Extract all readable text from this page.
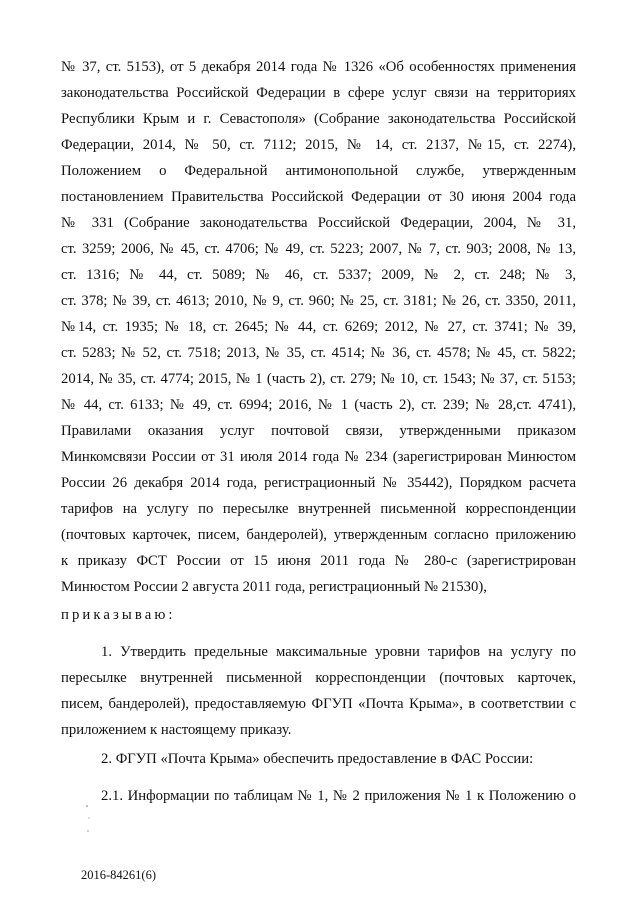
№ 37, ст. 5153), от 5 декабря 2014 года № 1326 «Об особенностях применения
законодательства Российской Федерации в сфере услуг связи на территориях
Республики Крым и г. Севастополя» (Собрание законодательства Российской
Федерации, 2014, № 50, ст. 7112; 2015, № 14, ст. 2137, №15, ст. 2274),
Положением о Федеральной антимонопольной службе, утвержденным
постановлением Правительства Российской Федерации от 30 июня 2004 года
№ 331 (Собрание законодательства Российской Федерации, 2004, № 31,
ст. 3259; 2006, № 45, ст. 4706; № 49, ст. 5223; 2007, № 7, ст. 903; 2008, № 13,
ст. 1316; № 44, ст. 5089; № 46, ст. 5337; 2009, № 2, ст. 248; № 3,
ст. 378; № 39, ст. 4613; 2010, № 9, ст. 960; № 25, ст. 3181; № 26, ст. 3350, 2011,
№14, ст. 1935; № 18, ст. 2645; № 44, ст. 6269; 2012, № 27, ст. 3741; № 39,
ст. 5283; № 52, ст. 7518; 2013, № 35, ст. 4514; № 36, ст. 4578; № 45, ст. 5822;
2014, № 35, ст. 4774; 2015, № 1 (часть 2), ст. 279; № 10, ст. 1543; № 37, ст. 5153;
№ 44, ст. 6133; № 49, ст. 6994; 2016, № 1 (часть 2), ст. 239; № 28,ст. 4741),
Правилами оказания услуг почтовой связи, утвержденными приказом
Минкомсвязи России от 31 июля 2014 года № 234 (зарегистрирован Минюстом
России 26 декабря 2014 года, регистрационный № 35442), Порядком расчета
тарифов на услугу по пересылке внутренней письменной корреспонденции
(почтовых карточек, писем, бандеролей), утвержденным согласно приложению
к приказу ФСТ России от 15 июня 2011 года № 280-с (зарегистрирован
Минюстом России 2 августа 2011 года, регистрационный № 21530),
приказываю:
1. Утвердить предельные максимальные уровни тарифов на услугу по
пересылке внутренней письменной корреспонденции (почтовых карточек,
писем, бандеролей), предоставляемую ФГУП «Почта Крыма», в соответствии с
приложением к настоящему приказу.
2. ФГУП «Почта Крыма» обеспечить предоставление в ФАС России:
2.1. Информации по таблицам № 1, № 2 приложения № 1 к Положению о
2016-84261(6)
